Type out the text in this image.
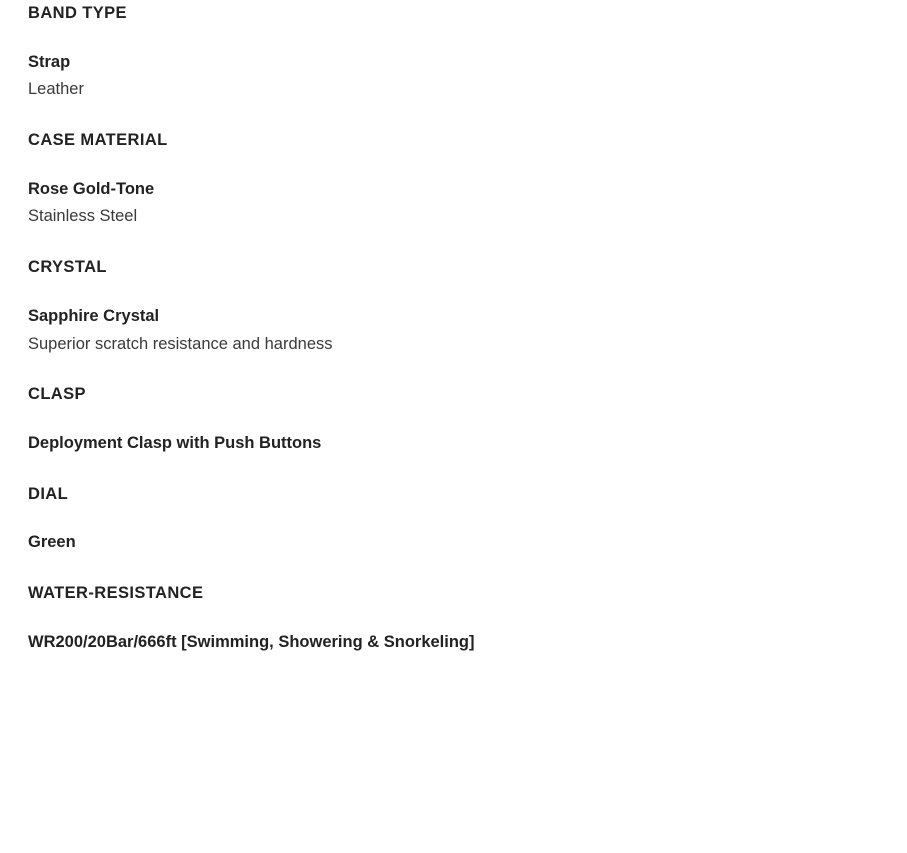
BAND TYPE
Strap
Leather
CASE MATERIAL
Rose Gold-Tone
Stainless Steel
CRYSTAL
Sapphire Crystal
Superior scratch resistance and hardness
CLASP
Deployment Clasp with Push Buttons
DIAL
Green
WATER-RESISTANCE
WR200/20Bar/666ft [Swimming, Showering & Snorkeling]
